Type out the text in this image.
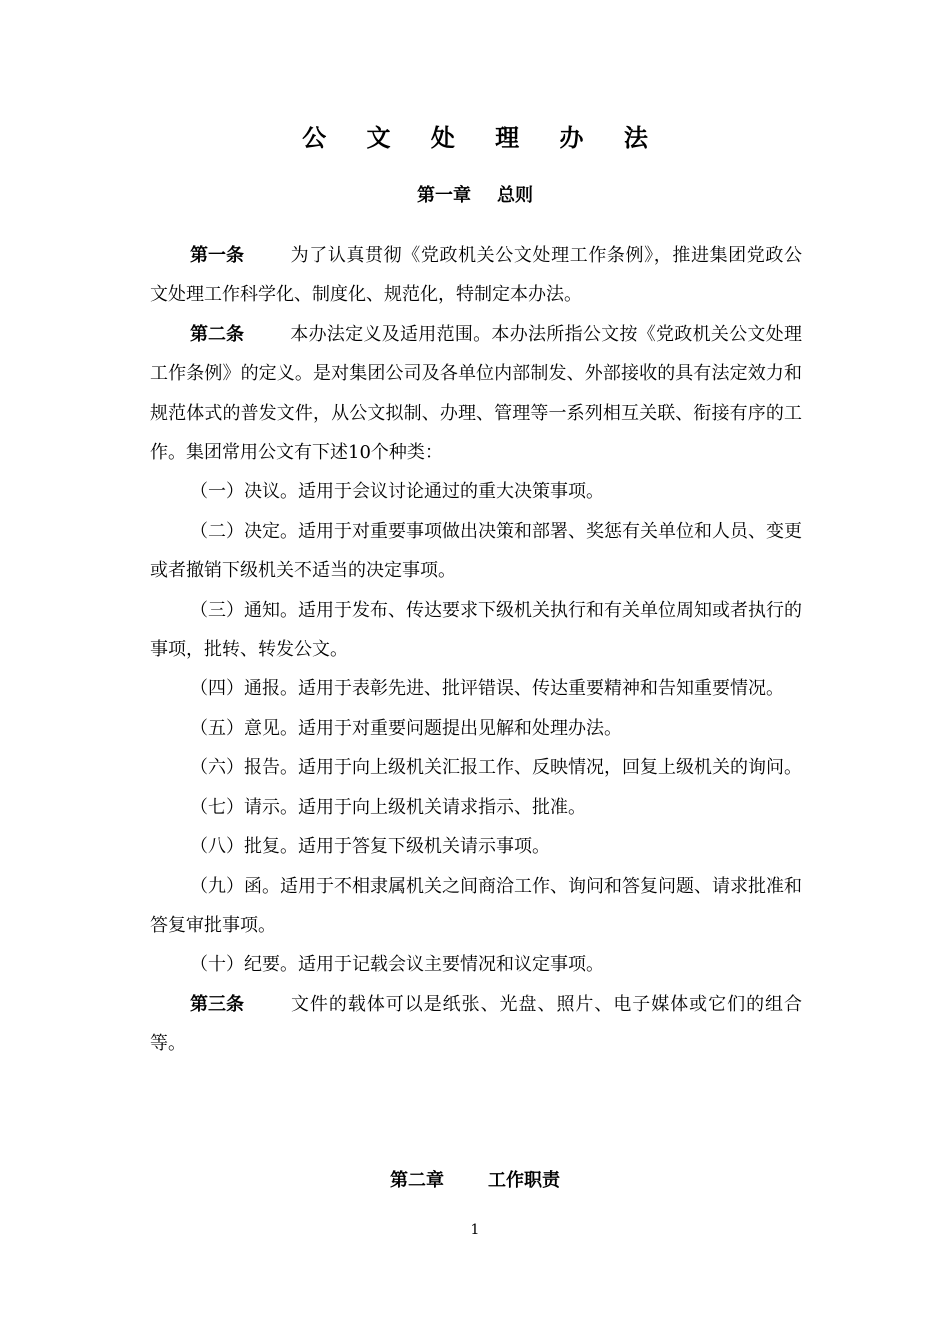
公 文 处 理 办 法
第一章 总则

第一条	为了认真贯彻《党政机关公文处理工作条例》，推进集团党政公文处理工作科学化、制度化、规范化，特制定本办法。

第二条	本办法定义及适用范围。本办法所指公文按《党政机关公文处理工作条例》的定义。是对集团公司及各单位内部制发、外部接收的具有法定效力和规范体式的普发文件，从公文拟制、办理、管理等一系列相互关联、衔接有序的工作。集团常用公文有下述10个种类：

（一）决议。适用于会议讨论通过的重大决策事项。

（二）决定。适用于对重要事项做出决策和部署、奖惩有关单位和人员、变更或者撤销下级机关不适当的决定事项。

（三）通知。适用于发布、传达要求下级机关执行和有关单位周知或者执行的事项，批转、转发公文。

（四）通报。适用于表彰先进、批评错误、传达重要精神和告知重要情况。

（五）意见。适用于对重要问题提出见解和处理办法。

（六）报告。适用于向上级机关汇报工作、反映情况，回复上级机关的询问。

（七）请示。适用于向上级机关请求指示、批准。

（八）批复。适用于答复下级机关请示事项。

（九）函。适用于不相隶属机关之间商洽工作、询问和答复问题、请求批准和答复审批事项。

（十）纪要。适用于记载会议主要情况和议定事项。

第三条	文件的载体可以是纸张、光盘、照片、电子媒体或它们的组合等。

第二章 工作职责
1
